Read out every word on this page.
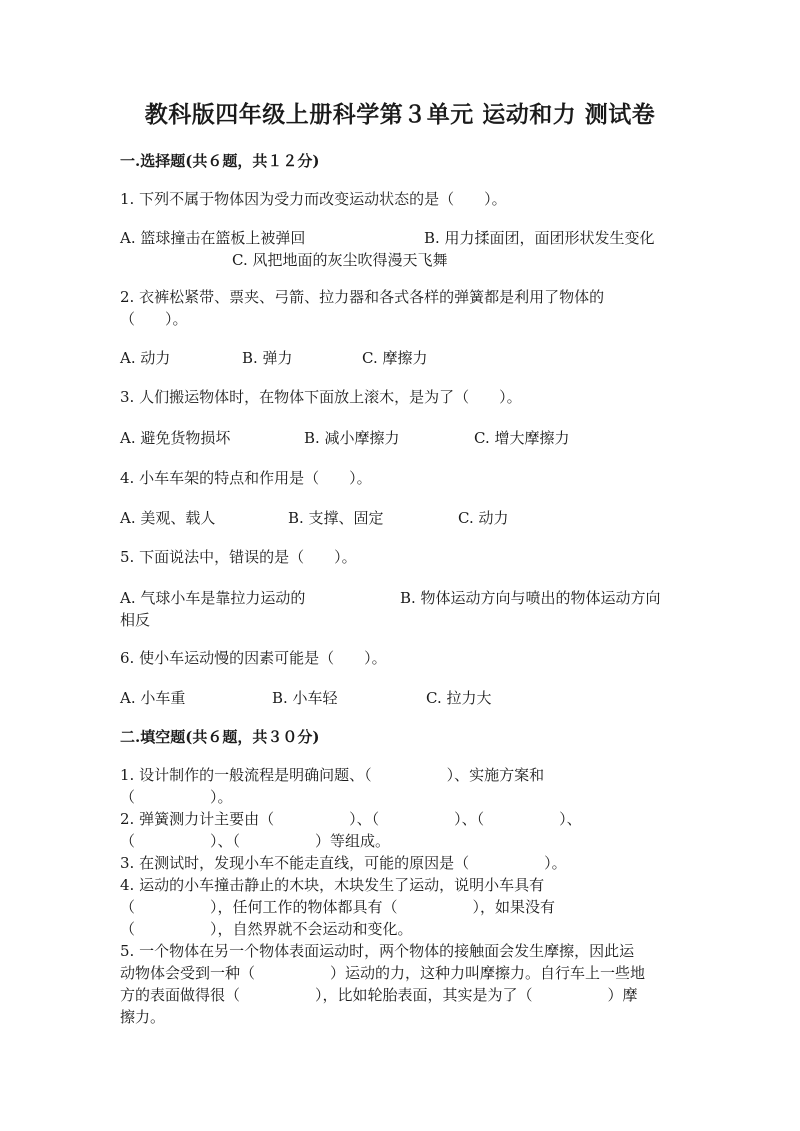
教科版四年级上册科学第３单元 运动和力 测试卷
一.选择题(共６题，共１２分)
1. 下列不属于物体因为受力而改变运动状态的是（　　）。
A. 篮球撞击在篮板上被弹回	B. 用力揉面团，面团形状发生变化
C. 风把地面的灰尘吹得漫天飞舞
2. 衣裤松紧带、票夹、弓箭、拉力器和各式各样的弹簧都是利用了物体的
（　　）。
A. 动力	B. 弹力	C. 摩擦力
3. 人们搬运物体时，在物体下面放上滚木，是为了（　　）。
A. 避免货物损坏	B. 减小摩擦力	C. 增大摩擦力
4. 小车车架的特点和作用是（　　）。
A. 美观、载人	B. 支撑、固定	C. 动力
5. 下面说法中，错误的是（　　）。
A. 气球小车是靠拉力运动的	B. 物体运动方向与喷出的物体运动方向
相反
6. 使小车运动慢的因素可能是（　　）。
A. 小车重	B. 小车轻	C. 拉力大
二.填空题(共６题，共３０分)
1. 设计制作的一般流程是明确问题、（　　　　　）、实施方案和
（　　　　　）。
2. 弹簧测力计主要由（　　　　　）、（　　　　　）、（　　　　　）、
（　　　　　）、（　　　　　）等组成。
3. 在测试时，发现小车不能走直线，可能的原因是（　　　　　）。
4. 运动的小车撞击静止的木块，木块发生了运动，说明小车具有
（　　　　　），任何工作的物体都具有（　　　　　），如果没有
（　　　　　），自然界就不会运动和变化。
5. 一个物体在另一个物体表面运动时，两个物体的接触面会发生摩擦，因此运
动物体会受到一种（　　　　　）运动的力，这种力叫摩擦力。自行车上一些地
方的表面做得很（　　　　　），比如轮胎表面，其实是为了（　　　　　）摩
擦力。
